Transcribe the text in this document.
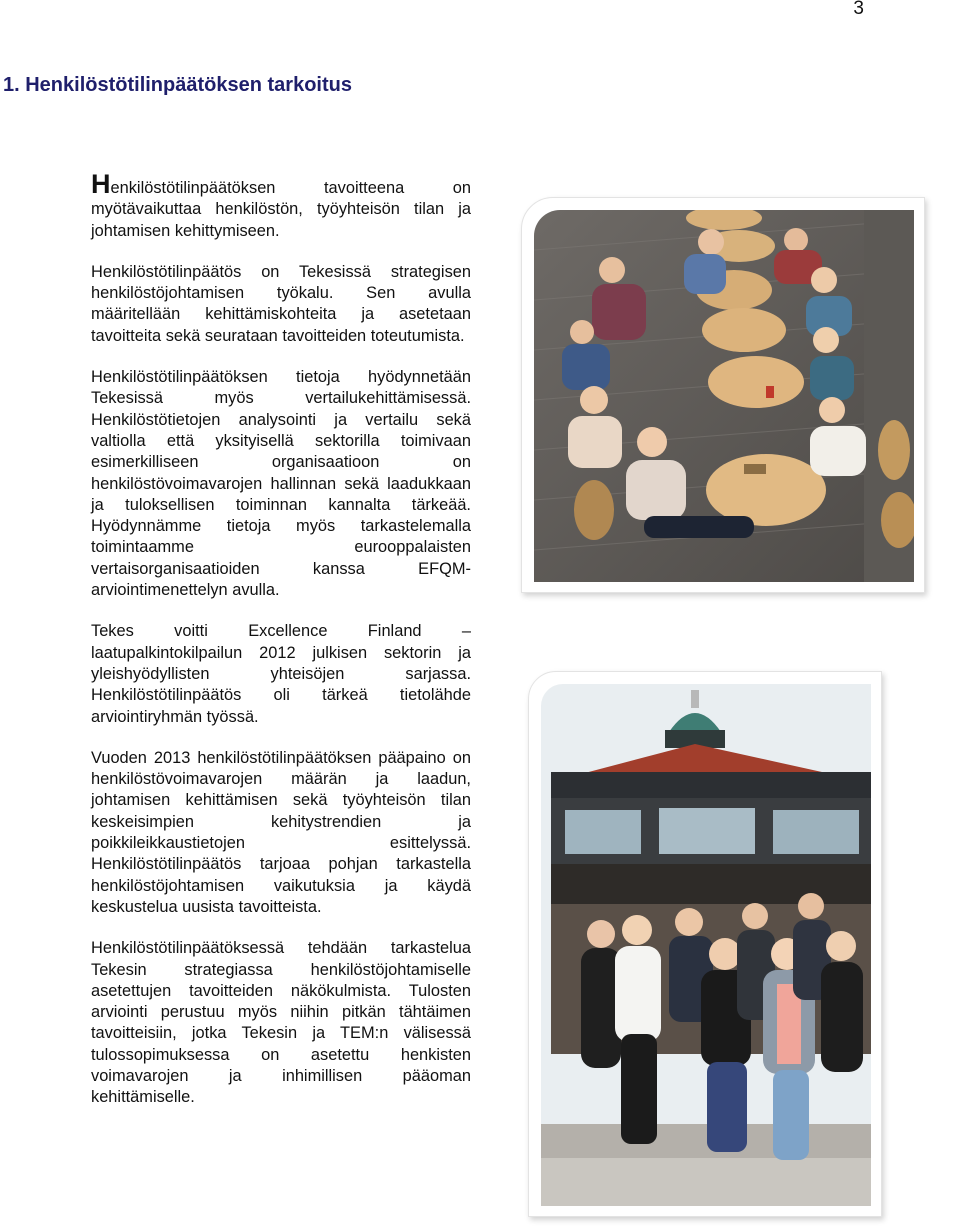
3
1. Henkilöstötilinpäätöksen tarkoitus

Henkilöstötilinpäätöksen tavoitteena on myötävaikuttaa henkilöstön, työyhteisön tilan ja johtamisen kehittymiseen.

Henkilöstötilinpäätös on Tekesissä strategisen henkilöstöjohtamisen työkalu. Sen avulla määritellään kehittämiskohteita ja asetetaan tavoitteita sekä seurataan tavoitteiden toteutumista.

Henkilöstötilinpäätöksen tietoja hyödynnetään Tekesissä myös vertailukehittämisessä. Henkilöstötietojen analysointi ja vertailu sekä valtiolla että yksityisellä sektorilla toimivaan esimerkilliseen organisaatioon on henkilöstövoimavarojen hallinnan sekä laadukkaan ja tuloksellisen toiminnan kannalta tärkeää. Hyödynnämme tietoja myös tarkastelemalla toimintaamme eurooppalaisten vertaisorganisaatioiden kanssa EFQM-arviointimenettelyn avulla.

Tekes voitti Excellence Finland –laatupalkintokilpailun 2012 julkisen sektorin ja yleishyödyllisten yhteisöjen sarjassa. Henkilöstötilinpäätös oli tärkeä tietolähde arviointiryhmän työssä.

Vuoden 2013 henkilöstötilinpäätöksen pääpaino on henkilöstövoimavarojen määrän ja laadun, johtamisen kehittämisen sekä työyhteisön tilan keskeisimpien kehitystrendien ja poikkileikkaustietojen esittelyssä. Henkilöstötilinpäätös tarjoaa pohjan tarkastella henkilöstöjohtamisen vaikutuksia ja käydä keskustelua uusista tavoitteista.

Henkilöstötilinpäätöksessä tehdään tarkastelua Tekesin strategiassa henkilöstöjohtamiselle asetettujen tavoitteiden näkökulmista. Tulosten arviointi perustuu myös niihin pitkän tähtäimen tavoitteisiin, jotka Tekesin ja TEM:n välisessä tulossopimuksessa on asetettu henkisten voimavarojen ja inhimillisen pääoman kehittämiselle.
